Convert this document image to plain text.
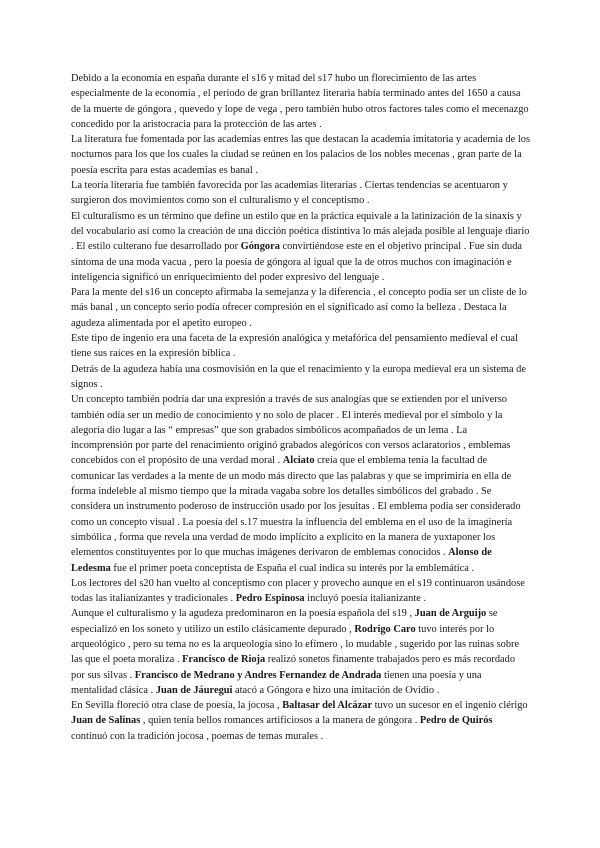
Debido a la economía en españa durante el s16 y mitad del s17 hubo un florecimiento de las artes especialmente de la economía , el periodo de gran brillantez literaria había terminado antes del 1650 a causa de la muerte de góngora , quevedo y lope de vega , pero también hubo otros factores tales como el mecenazgo concedido por la aristocracia para la protección de las artes .

La literatura fue fomentada por las academias entres las que destacan la academia imitatoria y academia de los nocturnos para los que los cuales la ciudad se reúnen en los palacios de los nobles mecenas , gran parte de la poesía escrita para estas academias es banal .

La teoría literaria fue también favorecida por las academias literarias . Ciertas tendencias se acentuaron y surgieron dos movimientos como son el culturalismo y el conceptismo .

El culturalismo es un término que define un estilo que en la práctica equivale a la latinización de la sinaxis y del vocabulario así como la creación de una dicción poética distintiva lo más alejada posible al lenguaje diario . El estilo culterano fue desarrollado por Góngora convirtiéndose este en el objetivo principal . Fue sin duda síntoma de una moda vacua , pero la poesía de góngora al igual que la de otros muchos con imaginación e inteligencia significó un enriquecimiento del poder expresivo del lenguaje .

Para la mente del s16 un concepto afirmaba la semejanza y la diferencia , el concepto podía ser un cliste de lo más banal , un concepto serio podía ofrecer compresión en el significado así como la belleza . Destaca la agudeza alimentada por el apetito europeo .

Este tipo de ingenio era una faceta de la expresión analógica y metafórica del pensamiento medieval el cual tiene sus raíces en la expresión bíblica .

Detrás de la agudeza había una cosmovisión en la que el renacimiento y la europa medieval era un sistema de signos .

Un concepto también podría dar una expresión a través de sus analogías que se extienden por el universo también odía ser un medio de conocimiento y no solo de placer . El interés medieval por el símbolo y la alegoría dio lugar a las “ empresas” que son grabados simbólicos acompañados de un lema . La incomprensión por parte del renacimiento originó grabados alegóricos con versos aclaratorios , emblemas concebidos con el propósito de una verdad moral . Alciato creía que el emblema tenía la facultad de comunicar las verdades a la mente de un modo más directo que las palabras y que se imprimiría en ella de forma indeleble al mismo tiempo que la mirada vagaba sobre los detalles simbólicos del grabado . Se considera un instrumento poderoso de instrucción usado por los jesuitas . El emblema podía ser considerado como un concepto visual . La poesía del s.17 muestra la influencia del emblema en el uso de la imaginería simbólica , forma que revela una verdad de modo implícito a explícito en la manera de yuxtaponer los elementos constituyentes por lo que muchas imágenes derivaron de emblemas conocidos . Alonso de Ledesma fue el primer poeta conceptista de España el cual indica su interés por la emblemática .

Los lectores del s20 han vuelto al conceptismo con placer y provecho aunque en el s19 continuaron usándose todas las italianizantes y tradicionales . Pedro Espinosa incluyó poesía italianizante .

Aunque el culturalismo y la agudeza predominaron en la poesía española del s19 , Juan de Arguijo se especializó en los soneto y utilizo un estilo clásicamente depurado , Rodrigo Caro tuvo interés por lo arqueológico , pero su tema no es la arqueología sino lo efímero , lo mudable , sugerido por las ruinas sobre las que el poeta moraliza . Francisco de Rioja realizó sonetos finamente trabajados pero es más recordado por sus silvas . Francisco de Medrano y Andres Fernandez de Andrada tienen una poesía y una mentalidad clásica . Juan de Jáuregui atacó a Góngora e hizo una imitación de Ovidio .

En Sevilla floreció otra clase de poesía, la jocosa , Baltasar del Alcázar tuvo un sucesor en el ingenio clérigo Juan de Salinas , quien tenía bellos romances artificiosos a la manera de góngora . Pedro de Quirós continuó con la tradición jocosa , poemas de temas murales .
